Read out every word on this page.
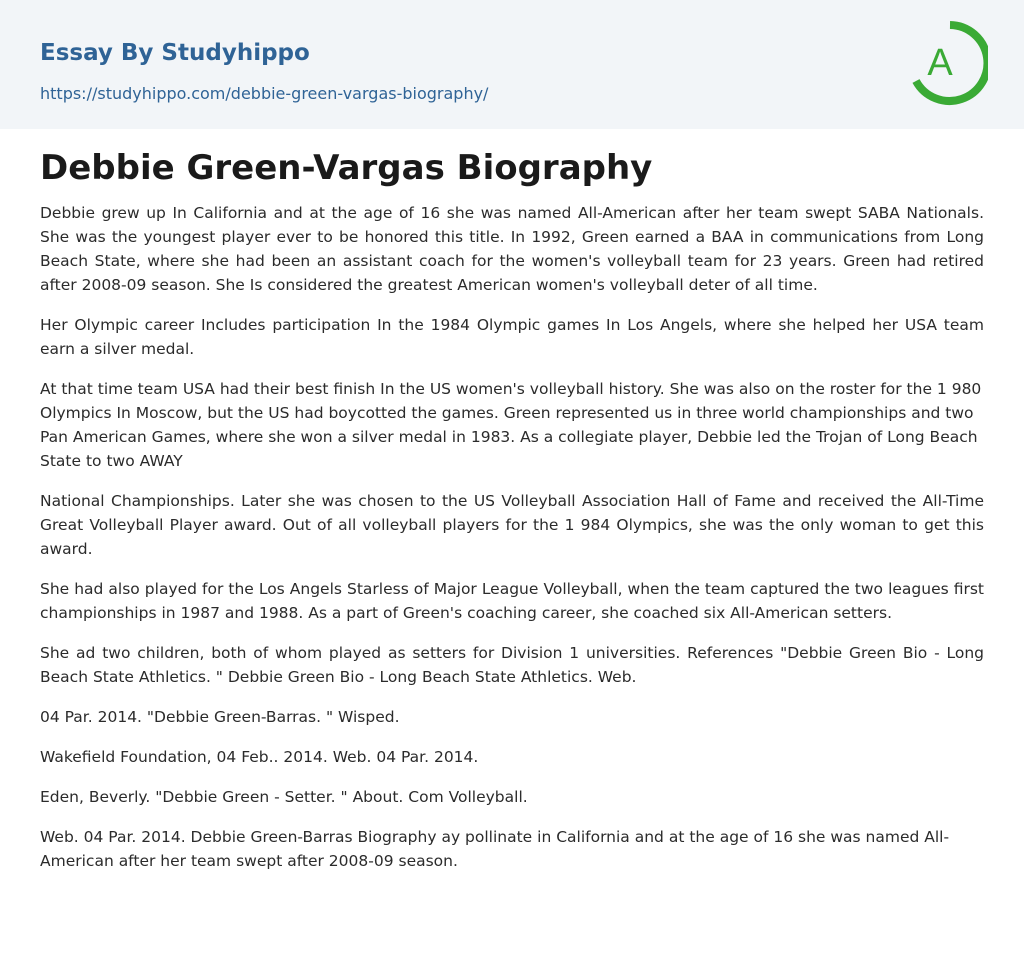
Essay By Studyhippo
https://studyhippo.com/debbie-green-vargas-biography/
A
Debbie Green-Vargas Biography

Debbie grew up In California and at the age of 16 she was named All-American after her team swept SABA Nationals. She was the youngest player ever to be honored this title. In 1992, Green earned a BAA in communications from Long Beach State, where she had been an assistant coach for the women's volleyball team for 23 years. Green had retired after 2008-09 season. She Is considered the greatest American women's volleyball deter of all time.

Her Olympic career Includes participation In the 1984 Olympic games In Los Angels, where she helped her USA team earn a silver medal.

At that time team USA had their best finish In the US women's volleyball history. She was also on the roster for the 1 980 Olympics In Moscow, but the US had boycotted the games. Green represented us in three world championships and two Pan American Games, where she won a silver medal in 1983. As a collegiate player, Debbie led the Trojan of Long Beach State to two AWAY

National Championships. Later she was chosen to the US Volleyball Association Hall of Fame and received the All-Time Great Volleyball Player award. Out of all volleyball players for the 1 984 Olympics, she was the only woman to get this award.

She had also played for the Los Angels Starless of Major League Volleyball, when the team captured the two leagues first championships in 1987 and 1988. As a part of Green's coaching career, she coached six All-American setters.

She ad two children, both of whom played as setters for Division 1 universities. References "Debbie Green Bio - Long Beach State Athletics. " Debbie Green Bio - Long Beach State Athletics. Web.

04 Par. 2014. "Debbie Green-Barras. " Wisped.

Wakefield Foundation, 04 Feb.. 2014. Web. 04 Par. 2014.

Eden, Beverly. "Debbie Green - Setter. " About. Com Volleyball.

Web. 04 Par. 2014. Debbie Green-Barras Biography ay pollinate in California and at the age of 16 she was named All-American after her team swept after 2008-09 season.
